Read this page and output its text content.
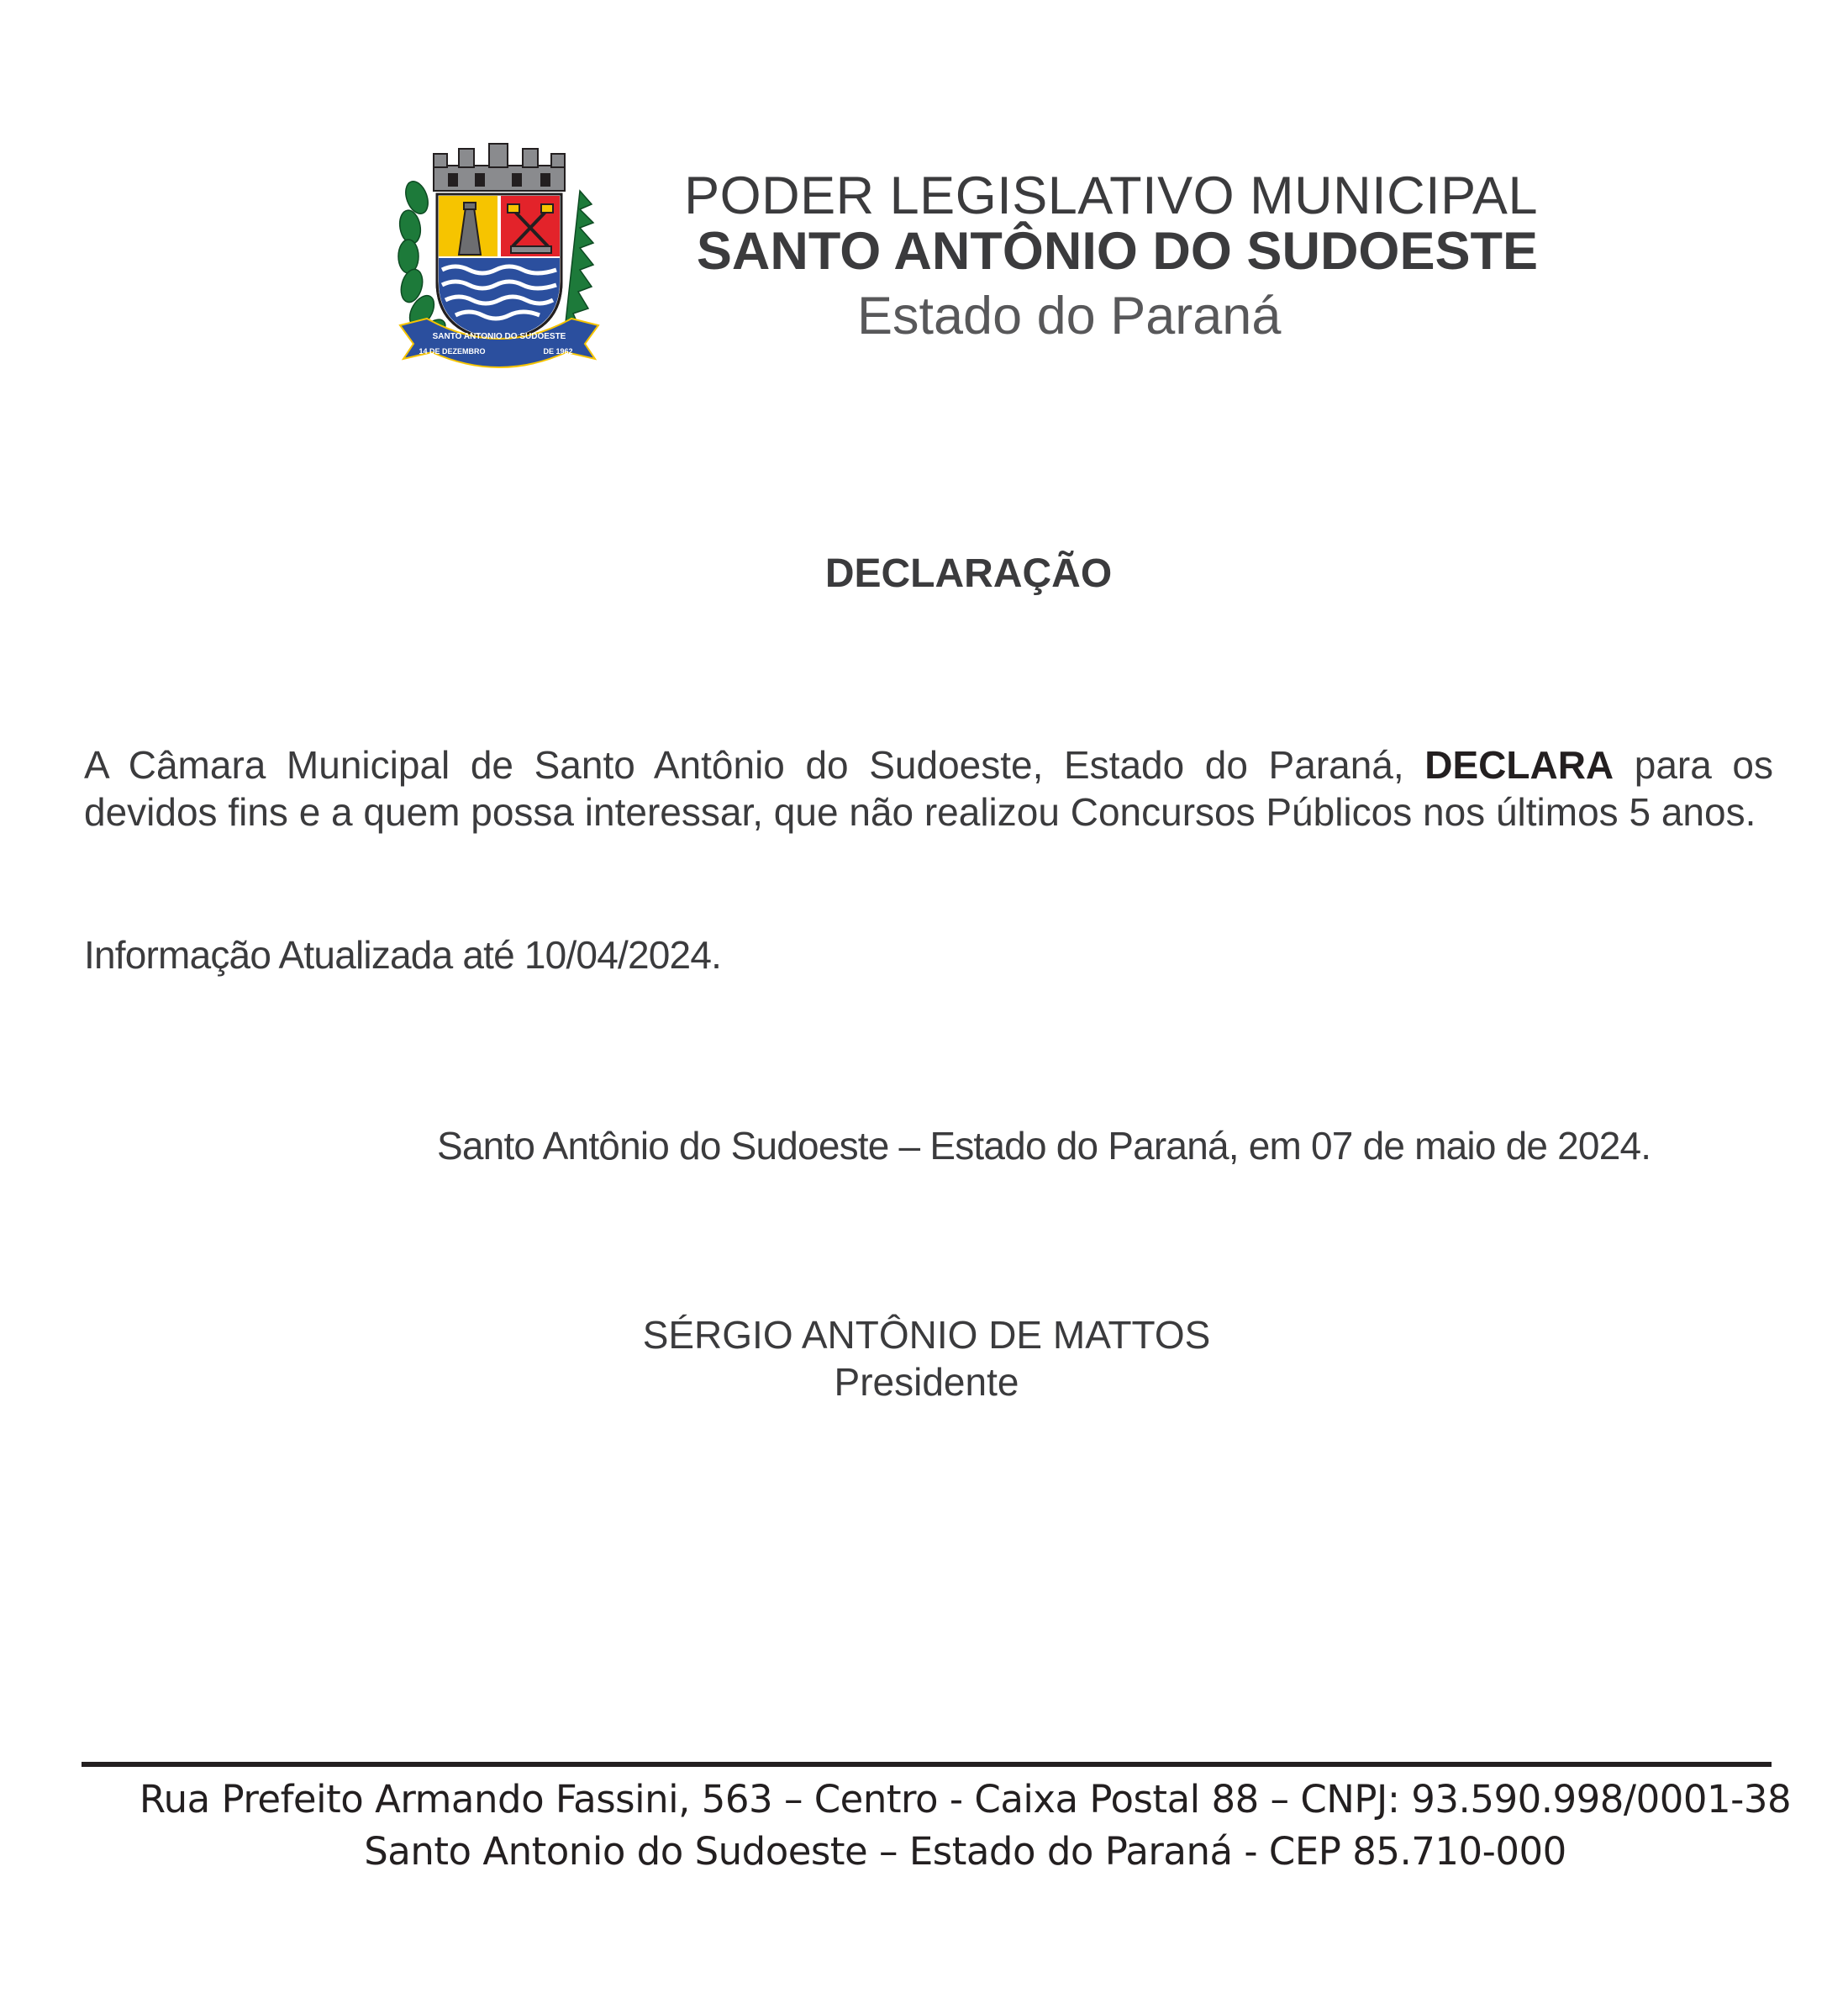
SANTO ANTONIO DO SUDOESTE
14 DE DEZEMBRO	DE 1962
PODER LEGISLATIVO MUNICIPAL
SANTO ANTÔNIO DO SUDOESTE
Estado do Paraná
DECLARAÇÃO
A Câmara Municipal de Santo Antônio do Sudoeste, Estado do Paraná, DECLARA para os devidos fins e a quem possa interessar, que não realizou Concursos Públicos nos últimos 5 anos.
Informação Atualizada até 10/04/2024.
Santo Antônio do Sudoeste – Estado do Paraná, em 07 de maio de 2024.
SÉRGIO ANTÔNIO DE MATTOS
Presidente
Rua Prefeito Armando Fassini, 563 – Centro - Caixa Postal 88 – CNPJ: 93.590.998/0001-38
Santo Antonio do Sudoeste – Estado do Paraná - CEP 85.710-000
